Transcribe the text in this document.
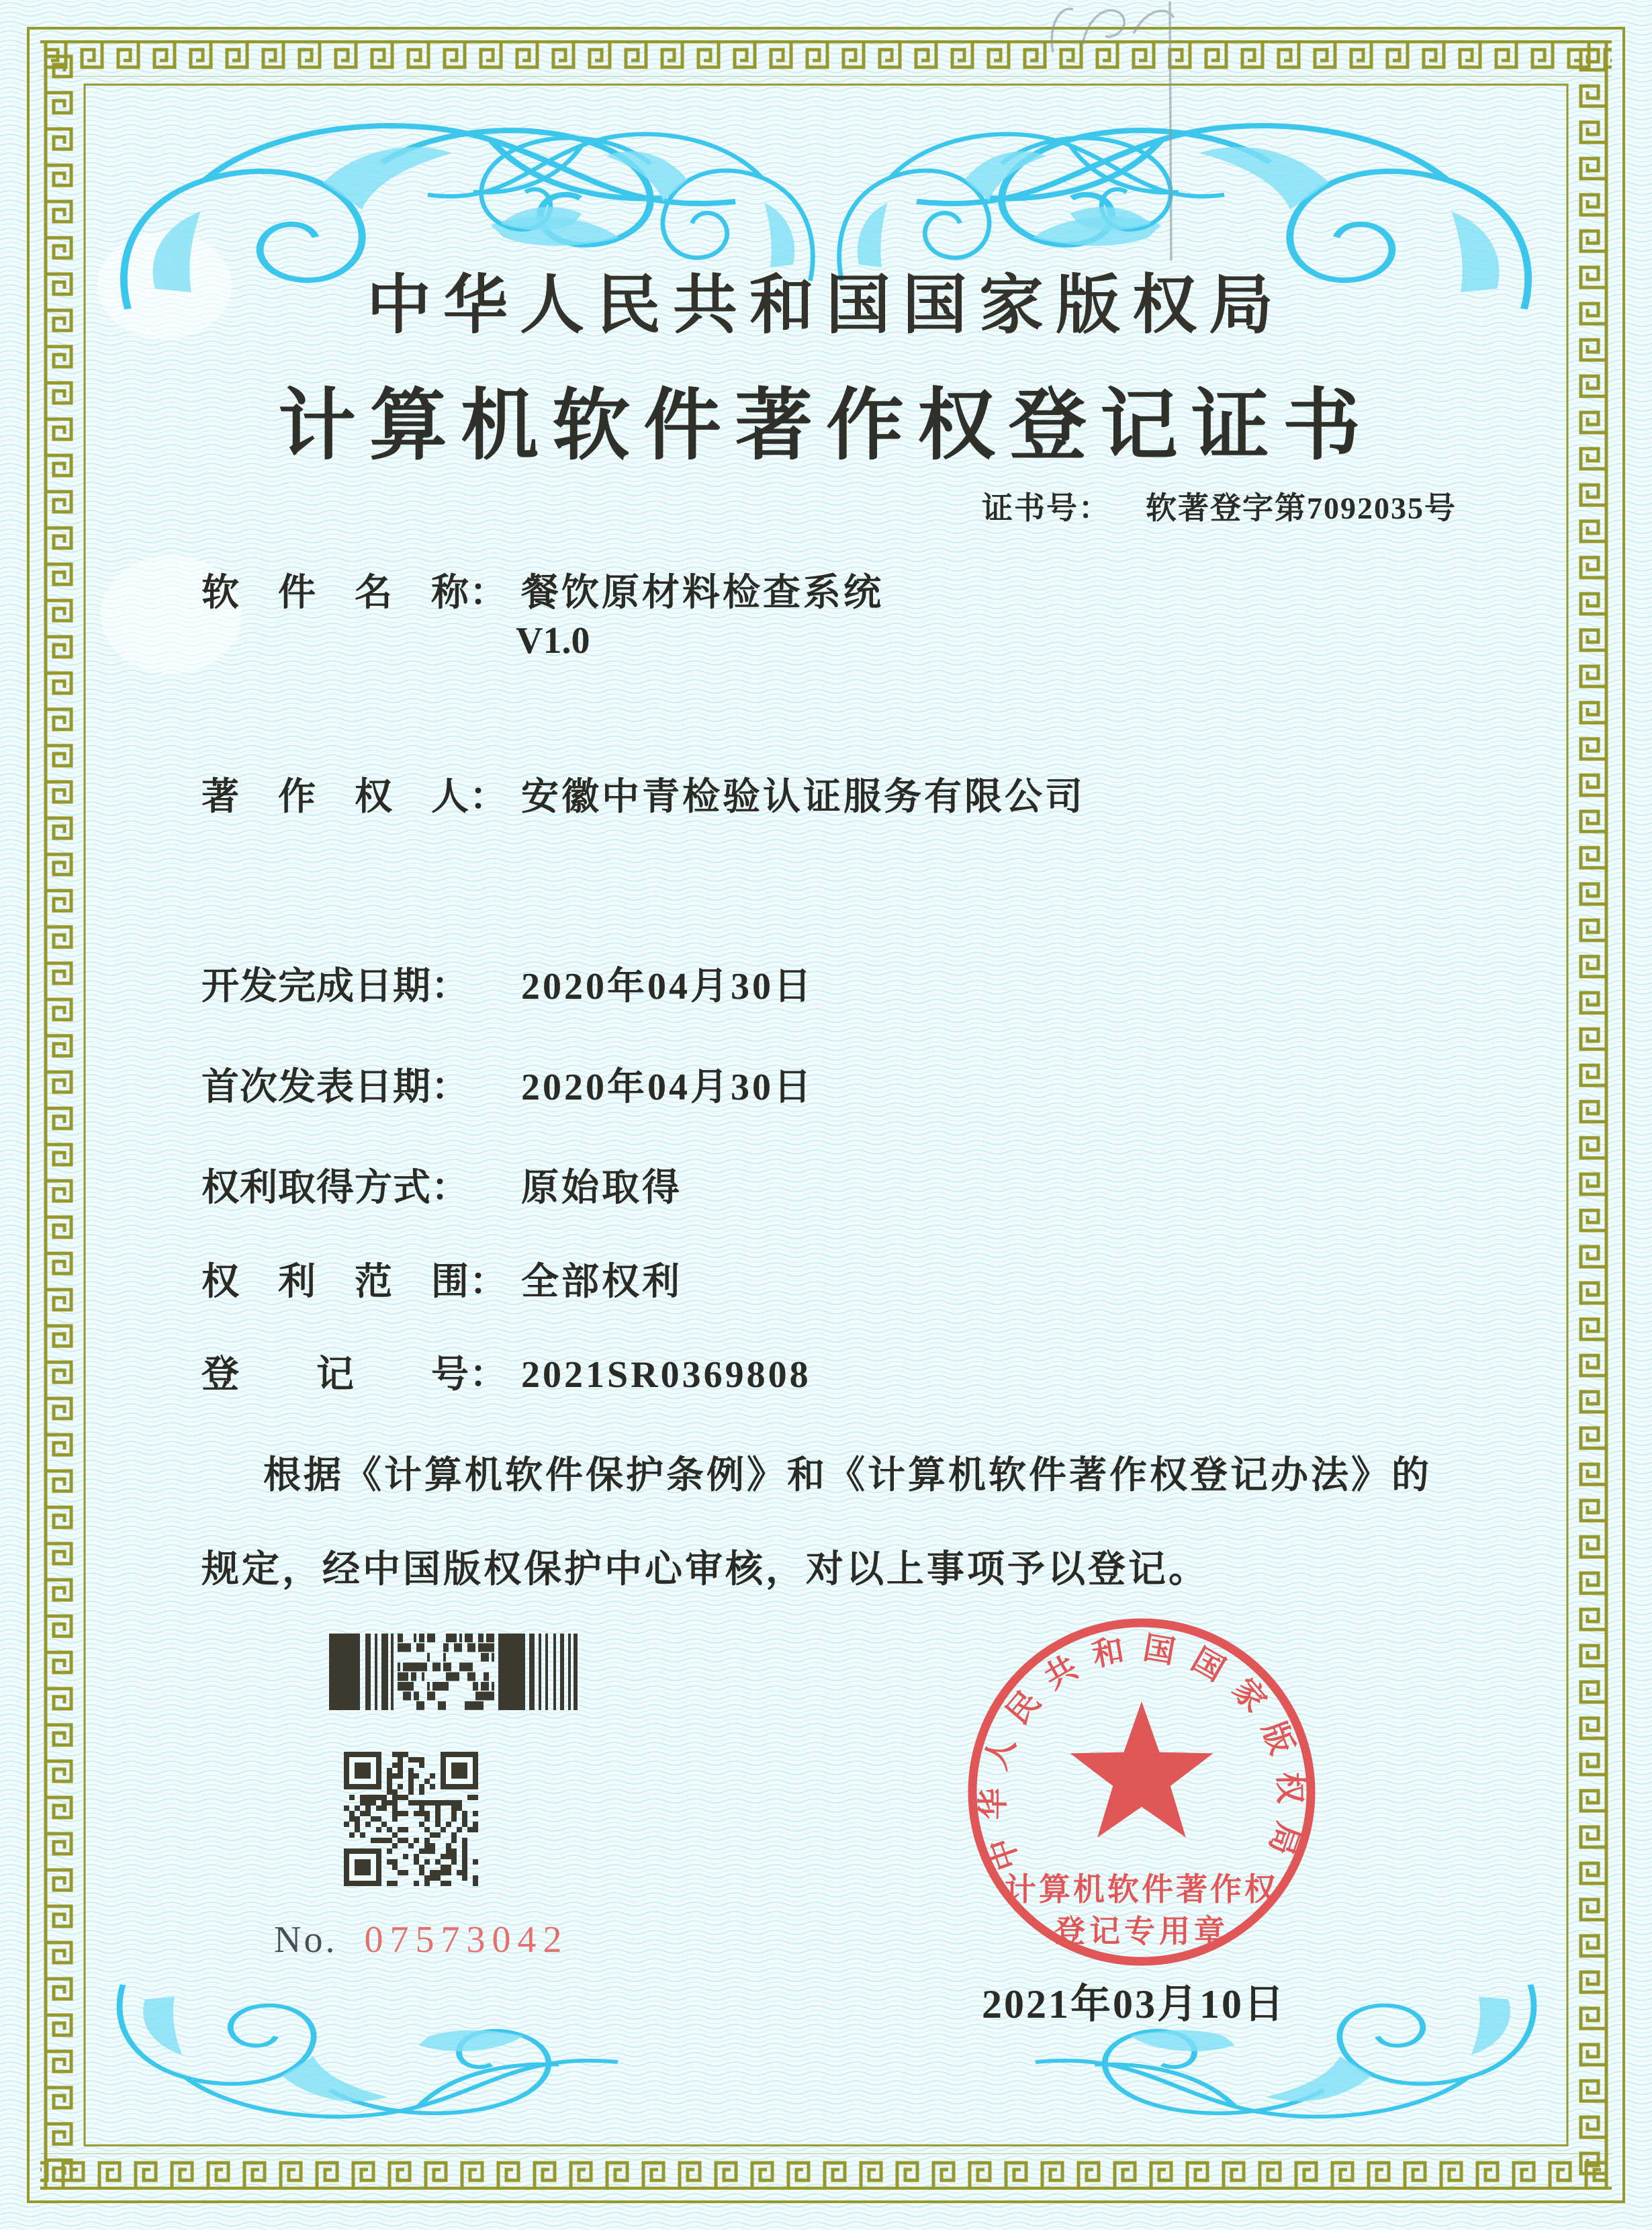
中华人民共和国国家版权局
计算机软件著作权登记证书
证书号： 软著登字第7092035号
软　件　名　称： 餐饮原材料检查系统
V1.0
著　作　权　人： 安徽中青检验认证服务有限公司
开发完成日期： 2020年04月30日
首次发表日期： 2020年04月30日
权利取得方式： 原始取得
权　利　范　围： 全部权利
登　　记　　号： 2021SR0369808
根据《计算机软件保护条例》和《计算机软件著作权登记办法》的
规定，经中国版权保护中心审核，对以上事项予以登记。
No. 07573042
中华人民共和国国家版权局
计算机软件著作权
登记专用章
2021年03月10日
